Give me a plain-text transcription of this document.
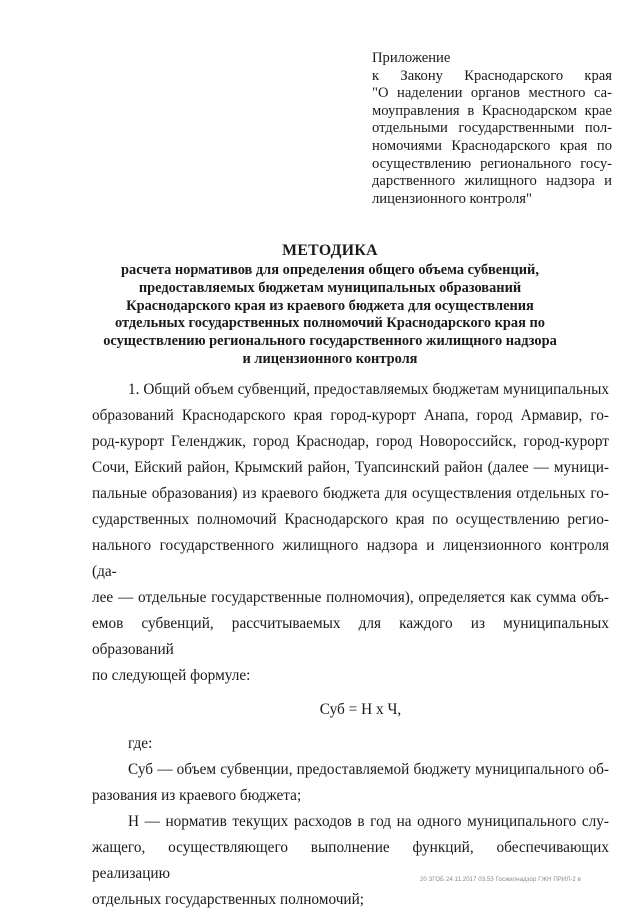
Приложение
к Закону Краснодарского края
"О наделении органов местного са-
моуправления в Краснодарском крае
отдельными государственными пол-
номочиями Краснодарского края по
осуществлению регионального госу-
дарственного жилищного надзора и
лицензионного контроля"
МЕТОДИКА
расчета нормативов для определения общего объема субвенций,
предоставляемых бюджетам муниципальных образований
Краснодарского края из краевого бюджета для осуществления
отдельных государственных полномочий Краснодарского края по
осуществлению регионального государственного жилищного надзора
и лицензионного контроля
1. Общий объем субвенций, предоставляемых бюджетам муниципальных
образований Краснодарского края город-курорт Анапа, город Армавир, го-
род-курорт Геленджик, город Краснодар, город Новороссийск, город-курорт
Сочи, Ейский район, Крымский район, Туапсинский район (далее — муници-
пальные образования) из краевого бюджета для осуществления отдельных го-
сударственных полномочий Краснодарского края по осуществлению регио-
нального государственного жилищного надзора и лицензионного контроля (да-
лее — отдельные государственные полномочия), определяется как сумма объ-
емов субвенций, рассчитываемых для каждого из муниципальных образований
по следующей формуле:
Суб = Н х Ч,
где:
Суб — объем субвенции, предоставляемой бюджету муниципального об-
разования из краевого бюджета;
Н — норматив текущих расходов в год на одного муниципального слу-
жащего, осуществляющего выполнение функций, обеспечивающих реализацию
отдельных государственных полномочий;
20 ЗГОБ 24.11.2017 03.53 Госжилнадзор ГЖН ПРИЛ-2 в
